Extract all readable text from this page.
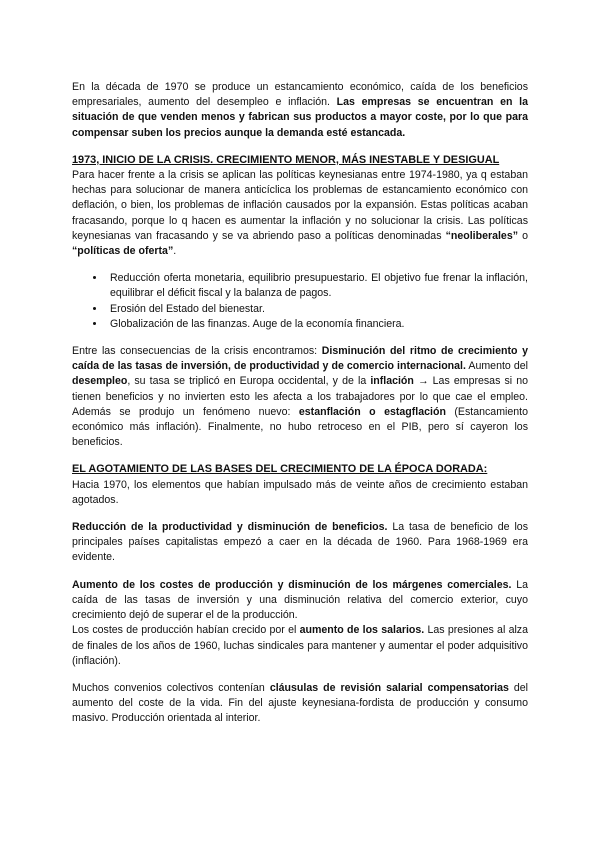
En la década de 1970 se produce un estancamiento económico, caída de los beneficios empresariales, aumento del desempleo e inflación. Las empresas se encuentran en la situación de que venden menos y fabrican sus productos a mayor coste, por lo que para compensar suben los precios aunque la demanda esté estancada.

1973, INICIO DE LA CRISIS. CRECIMIENTO MENOR, MÁS INESTABLE Y DESIGUAL

Para hacer frente a la crisis se aplican las políticas keynesianas entre 1974-1980, ya q estaban hechas para solucionar de manera anticíclica los problemas de estancamiento económico con deflación, o bien, los problemas de inflación causados por la expansión. Estas políticas acaban fracasando, porque lo q hacen es aumentar la inflación y no solucionar la crisis. Las políticas keynesianas van fracasando y se va abriendo paso a políticas denominadas “neoliberales” o “políticas de oferta”.

• Reducción oferta monetaria, equilibrio presupuestario. El objetivo fue frenar la inflación, equilibrar el déficit fiscal y la balanza de pagos.
• Erosión del Estado del bienestar.
• Globalización de las finanzas. Auge de la economía financiera.

Entre las consecuencias de la crisis encontramos: Disminución del ritmo de crecimiento y caída de las tasas de inversión, de productividad y de comercio internacional. Aumento del desempleo, su tasa se triplicó en Europa occidental, y de la inflación → Las empresas si no tienen beneficios y no invierten esto les afecta a los trabajadores por lo que cae el empleo. Además se produjo un fenómeno nuevo: estanflación o estagflación (Estancamiento económico más inflación). Finalmente, no hubo retroceso en el PIB, pero sí cayeron los beneficios.

EL AGOTAMIENTO DE LAS BASES DEL CRECIMIENTO DE LA ÉPOCA DORADA:

Hacia 1970, los elementos que habían impulsado más de veinte años de crecimiento estaban agotados.

Reducción de la productividad y disminución de beneficios. La tasa de beneficio de los principales países capitalistas empezó a caer en la década de 1960. Para 1968-1969 era evidente.

Aumento de los costes de producción y disminución de los márgenes comerciales. La caída de las tasas de inversión y una disminución relativa del comercio exterior, cuyo crecimiento dejó de superar el de la producción.

Los costes de producción habían crecido por el aumento de los salarios. Las presiones al alza de finales de los años de 1960, luchas sindicales para mantener y aumentar el poder adquisitivo (inflación).

Muchos convenios colectivos contenían cláusulas de revisión salarial compensatorias del aumento del coste de la vida. Fin del ajuste keynesiana-fordista de producción y consumo masivo. Producción orientada al interior.
